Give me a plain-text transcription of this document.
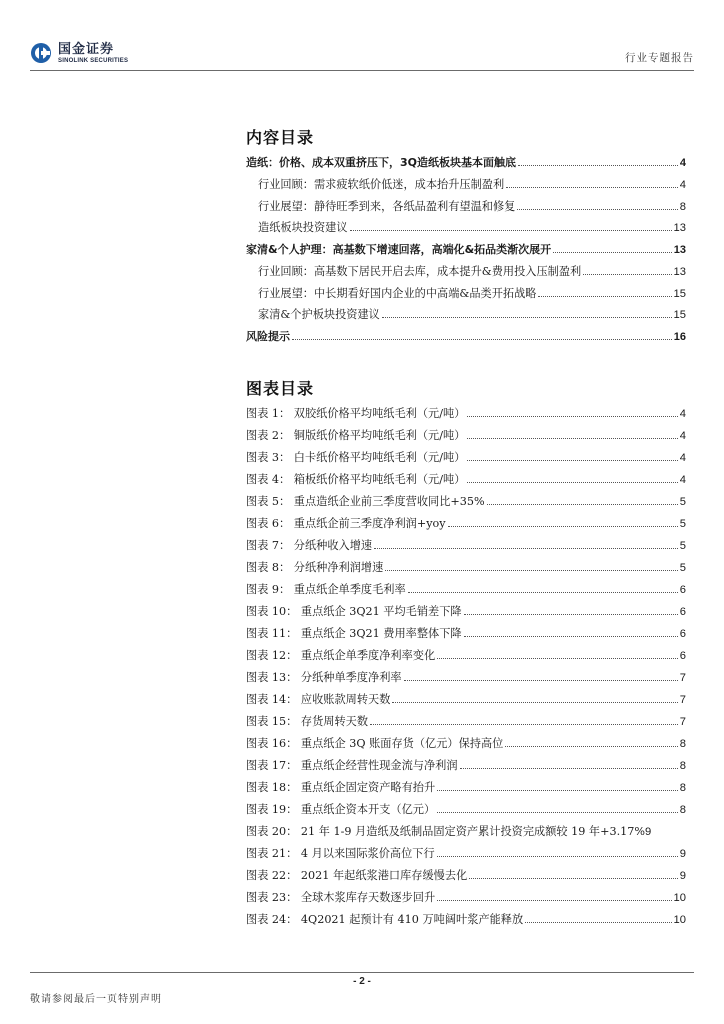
国金证券
SINOLINK SECURITIES	行业专题报告
内容目录
造纸：价格、成本双重挤压下，3Q造纸板块基本面触底	4
行业回顾：需求疲软纸价低迷，成本抬升压制盈利	4
行业展望：静待旺季到来，各纸品盈利有望温和修复	8
造纸板块投资建议	13
家清&个人护理：高基数下增速回落，高端化&拓品类渐次展开	13
行业回顾：高基数下居民开启去库，成本提升&费用投入压制盈利	13
行业展望：中长期看好国内企业的中高端&品类开拓战略	15
家清&个护板块投资建议	15
风险提示	16
图表目录
图表 1： 双胶纸价格平均吨纸毛利（元/吨）	4
图表 2： 铜版纸价格平均吨纸毛利（元/吨）	4
图表 3： 白卡纸价格平均吨纸毛利（元/吨）	4
图表 4： 箱板纸价格平均吨纸毛利（元/吨）	4
图表 5： 重点造纸企业前三季度营收同比+35%	5
图表 6： 重点纸企前三季度净利润+yoy	5
图表 7： 分纸种收入增速	5
图表 8： 分纸种净利润增速	5
图表 9： 重点纸企单季度毛利率	6
图表 10： 重点纸企 3Q21 平均毛销差下降	6
图表 11： 重点纸企 3Q21 费用率整体下降	6
图表 12： 重点纸企单季度净利率变化	6
图表 13： 分纸种单季度净利率	7
图表 14： 应收账款周转天数	7
图表 15： 存货周转天数	7
图表 16： 重点纸企 3Q 账面存货（亿元）保持高位	8
图表 17： 重点纸企经营性现金流与净利润	8
图表 18： 重点纸企固定资产略有抬升	8
图表 19： 重点纸企资本开支（亿元）	8
图表 20： 21 年 1-9 月造纸及纸制品固定资产累计投资完成额较 19 年+3.17% 9
图表 21： 4 月以来国际浆价高位下行	9
图表 22： 2021 年起纸浆港口库存缓慢去化	9
图表 23： 全球木浆库存天数逐步回升	10
图表 24： 4Q2021 起预计有 410 万吨阔叶浆产能释放	10
- 2 -
敬请参阅最后一页特别声明
